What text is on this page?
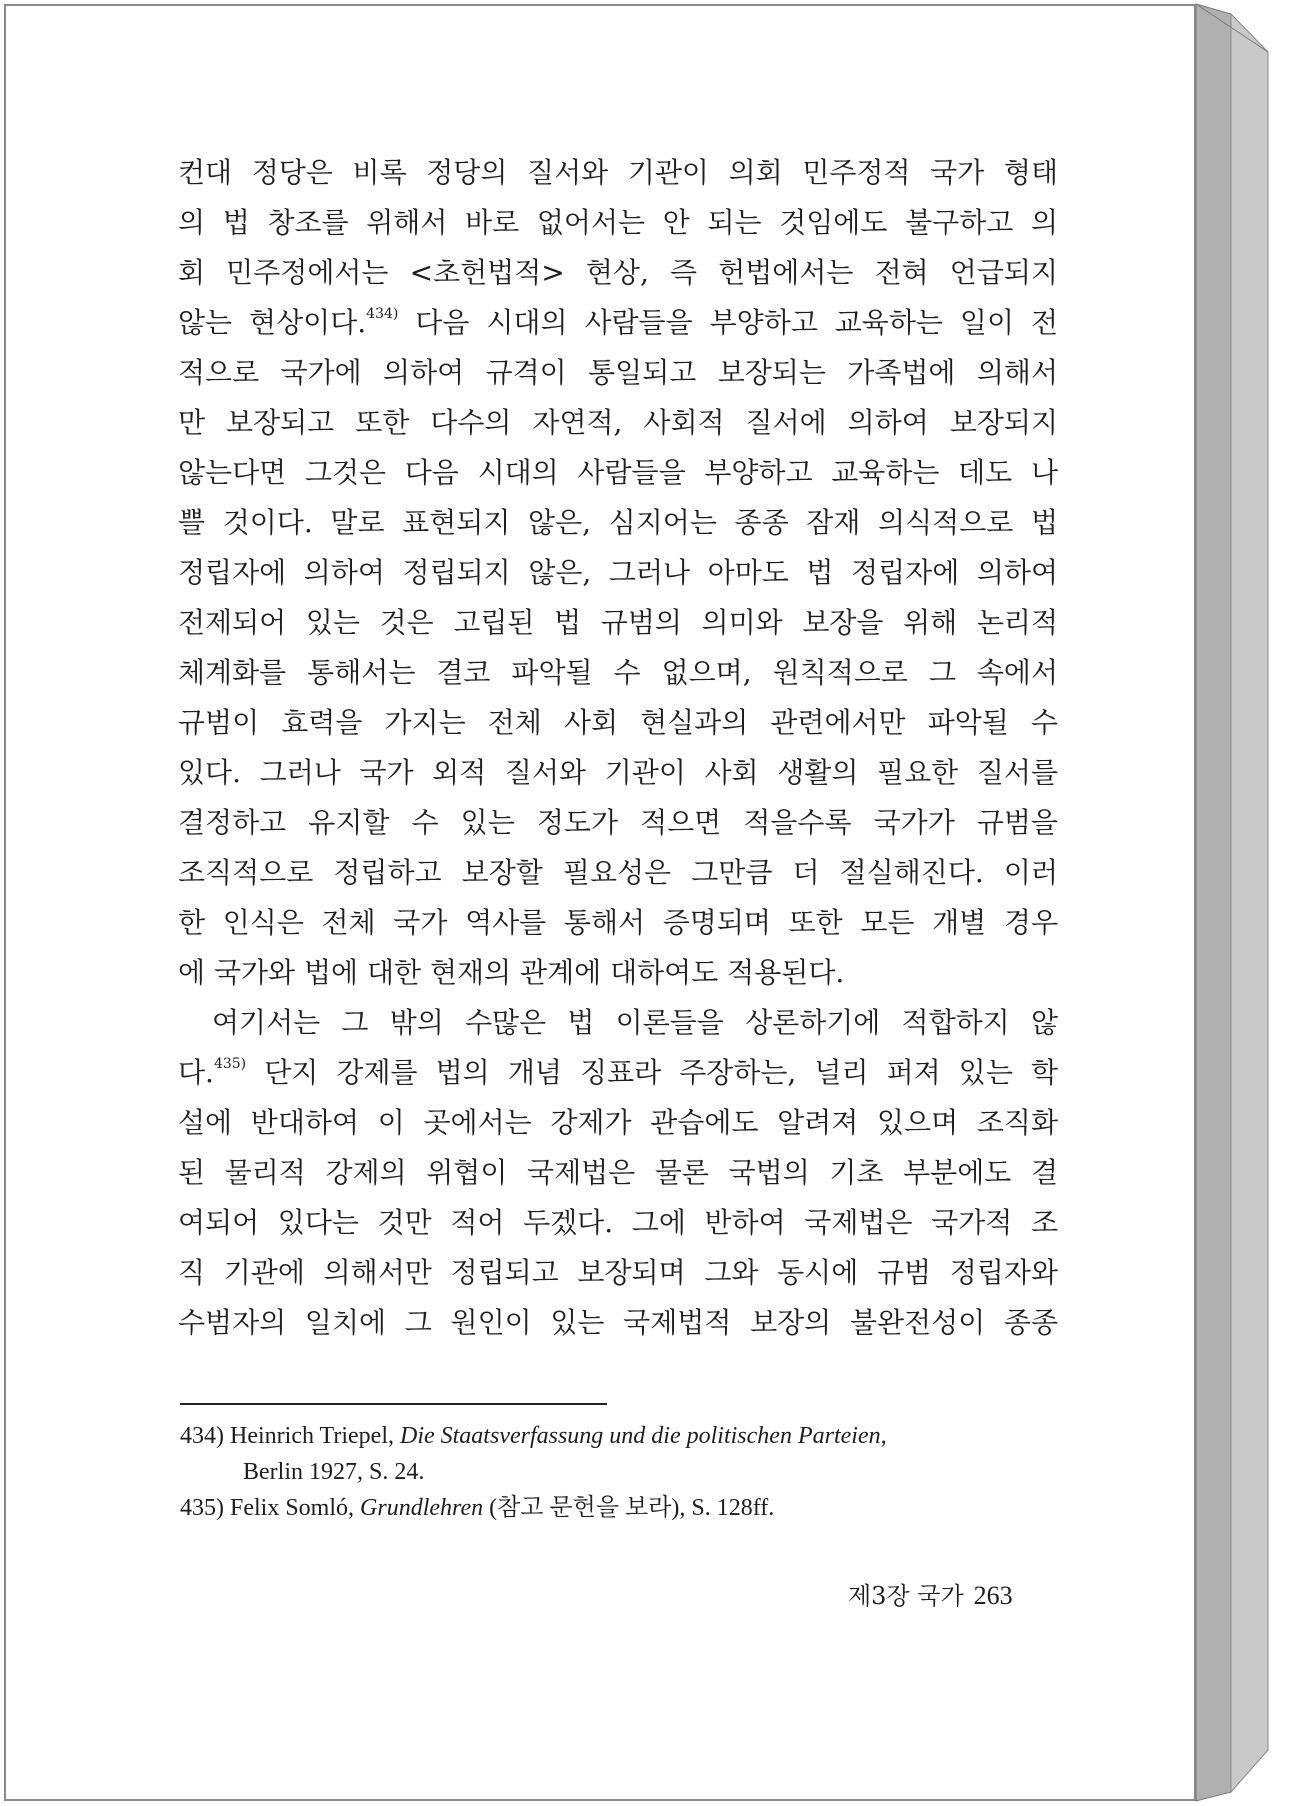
컨대 정당은 비록 정당의 질서와 기관이 의회 민주정적 국가 형태
의 법 창조를 위해서 바로 없어서는 안 되는 것임에도 불구하고 의
회 민주정에서는 <초헌법적> 현상, 즉 헌법에서는 전혀 언급되지
않는 현상이다.$^{434)}$ 다음 시대의 사람들을 부양하고 교육하는 일이 전
적으로 국가에 의하여 규격이 통일되고 보장되는 가족법에 의해서
만 보장되고 또한 다수의 자연적, 사회적 질서에 의하여 보장되지
않는다면 그것은 다음 시대의 사람들을 부양하고 교육하는 데도 나
쁠 것이다. 말로 표현되지 않은, 심지어는 종종 잠재 의식적으로 법
정립자에 의하여 정립되지 않은, 그러나 아마도 법 정립자에 의하여
전제되어 있는 것은 고립된 법 규범의 의미와 보장을 위해 논리적
체계화를 통해서는 결코 파악될 수 없으며, 원칙적으로 그 속에서
규범이 효력을 가지는 전체 사회 현실과의 관련에서만 파악될 수
있다. 그러나 국가 외적 질서와 기관이 사회 생활의 필요한 질서를
결정하고 유지할 수 있는 정도가 적으면 적을수록 국가가 규범을
조직적으로 정립하고 보장할 필요성은 그만큼 더 절실해진다. 이러
한 인식은 전체 국가 역사를 통해서 증명되며 또한 모든 개별 경우
에 국가와 법에 대한 현재의 관계에 대하여도 적용된다.
여기서는 그 밖의 수많은 법 이론들을 상론하기에 적합하지 않
다.$^{435)}$ 단지 강제를 법의 개념 징표라 주장하는, 널리 퍼져 있는 학
설에 반대하여 이 곳에서는 강제가 관습에도 알려져 있으며 조직화
된 물리적 강제의 위협이 국제법은 물론 국법의 기초 부분에도 결
여되어 있다는 것만 적어 두겠다. 그에 반하여 국제법은 국가적 조
직 기관에 의해서만 정립되고 보장되며 그와 동시에 규범 정립자와
수범자의 일치에 그 원인이 있는 국제법적 보장의 불완전성이 종종
434) Heinrich Triepel, Die Staatsverfassung und die politischen Parteien,
Berlin 1927, S. 24.
435) Felix Somló, Grundlehren (참고 문헌을 보라), S. 128ff.
제3장 국가 263
